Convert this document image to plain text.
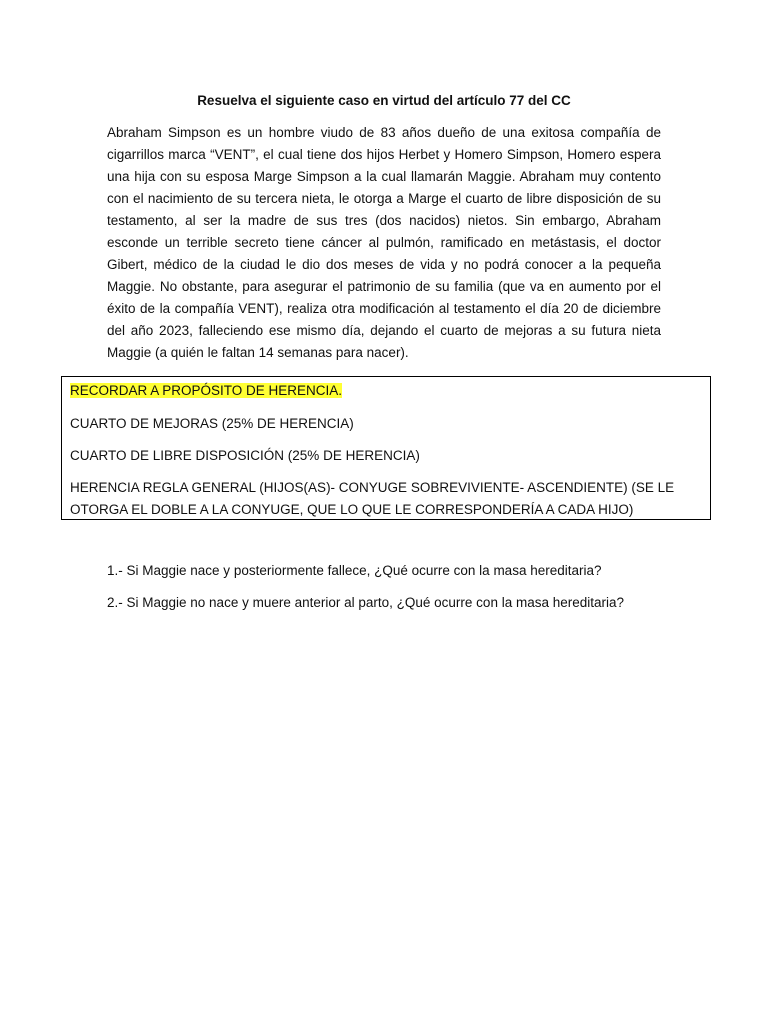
Resuelva el siguiente caso en virtud del artículo 77 del CC
Abraham Simpson es un hombre viudo de 83 años dueño de una exitosa compañía de cigarrillos marca “VENT”, el cual tiene dos hijos Herbet y Homero Simpson, Homero espera una hija con su esposa Marge Simpson a la cual llamarán Maggie. Abraham muy contento con el nacimiento de su tercera nieta, le otorga a Marge el cuarto de libre disposición de su testamento, al ser la madre de sus tres (dos nacidos) nietos. Sin embargo, Abraham esconde un terrible secreto tiene cáncer al pulmón, ramificado en metástasis, el doctor Gibert, médico de la ciudad le dio dos meses de vida y no podrá conocer a la pequeña Maggie. No obstante, para asegurar el patrimonio de su familia (que va en aumento por el éxito de la compañía VENT), realiza otra modificación al testamento el día 20 de diciembre del año 2023, falleciendo ese mismo día, dejando el cuarto de mejoras a su futura nieta Maggie (a quién le faltan 14 semanas para nacer).

RECORDAR A PROPÓSITO DE HERENCIA.

CUARTO DE MEJORAS (25% DE HERENCIA)

CUARTO DE LIBRE DISPOSICIÓN (25% DE HERENCIA)

HERENCIA REGLA GENERAL (HIJOS(AS)- CONYUGE SOBREVIVIENTE- ASCENDIENTE) (SE LE OTORGA EL DOBLE A LA CONYUGE, QUE LO QUE LE CORRESPONDERÍA A CADA HIJO)

1.- Si Maggie nace y posteriormente fallece, ¿Qué ocurre con la masa hereditaria?

2.- Si Maggie no nace y muere anterior al parto, ¿Qué ocurre con la masa hereditaria?
